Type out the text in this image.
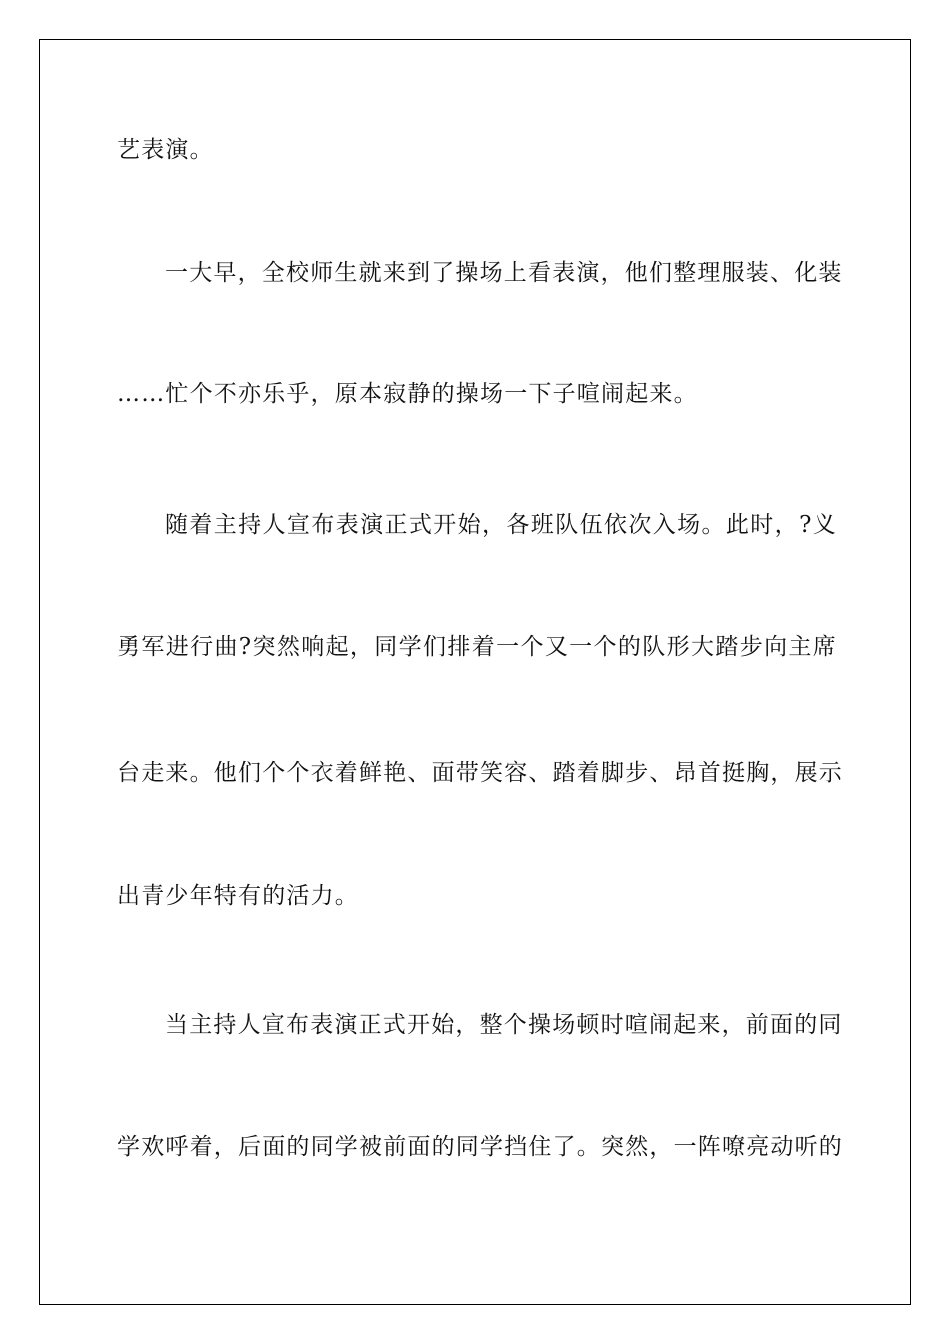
艺表演。
一大早，全校师生就来到了操场上看表演，他们整理服装、化装
……忙个不亦乐乎，原本寂静的操场一下子喧闹起来。
随着主持人宣布表演正式开始，各班队伍依次入场。此时，?义
勇军进行曲?突然响起，同学们排着一个又一个的队形大踏步向主席
台走来。他们个个衣着鲜艳、面带笑容、踏着脚步、昂首挺胸，展示
出青少年特有的活力。
当主持人宣布表演正式开始，整个操场顿时喧闹起来，前面的同
学欢呼着，后面的同学被前面的同学挡住了。突然，一阵嘹亮动听的
